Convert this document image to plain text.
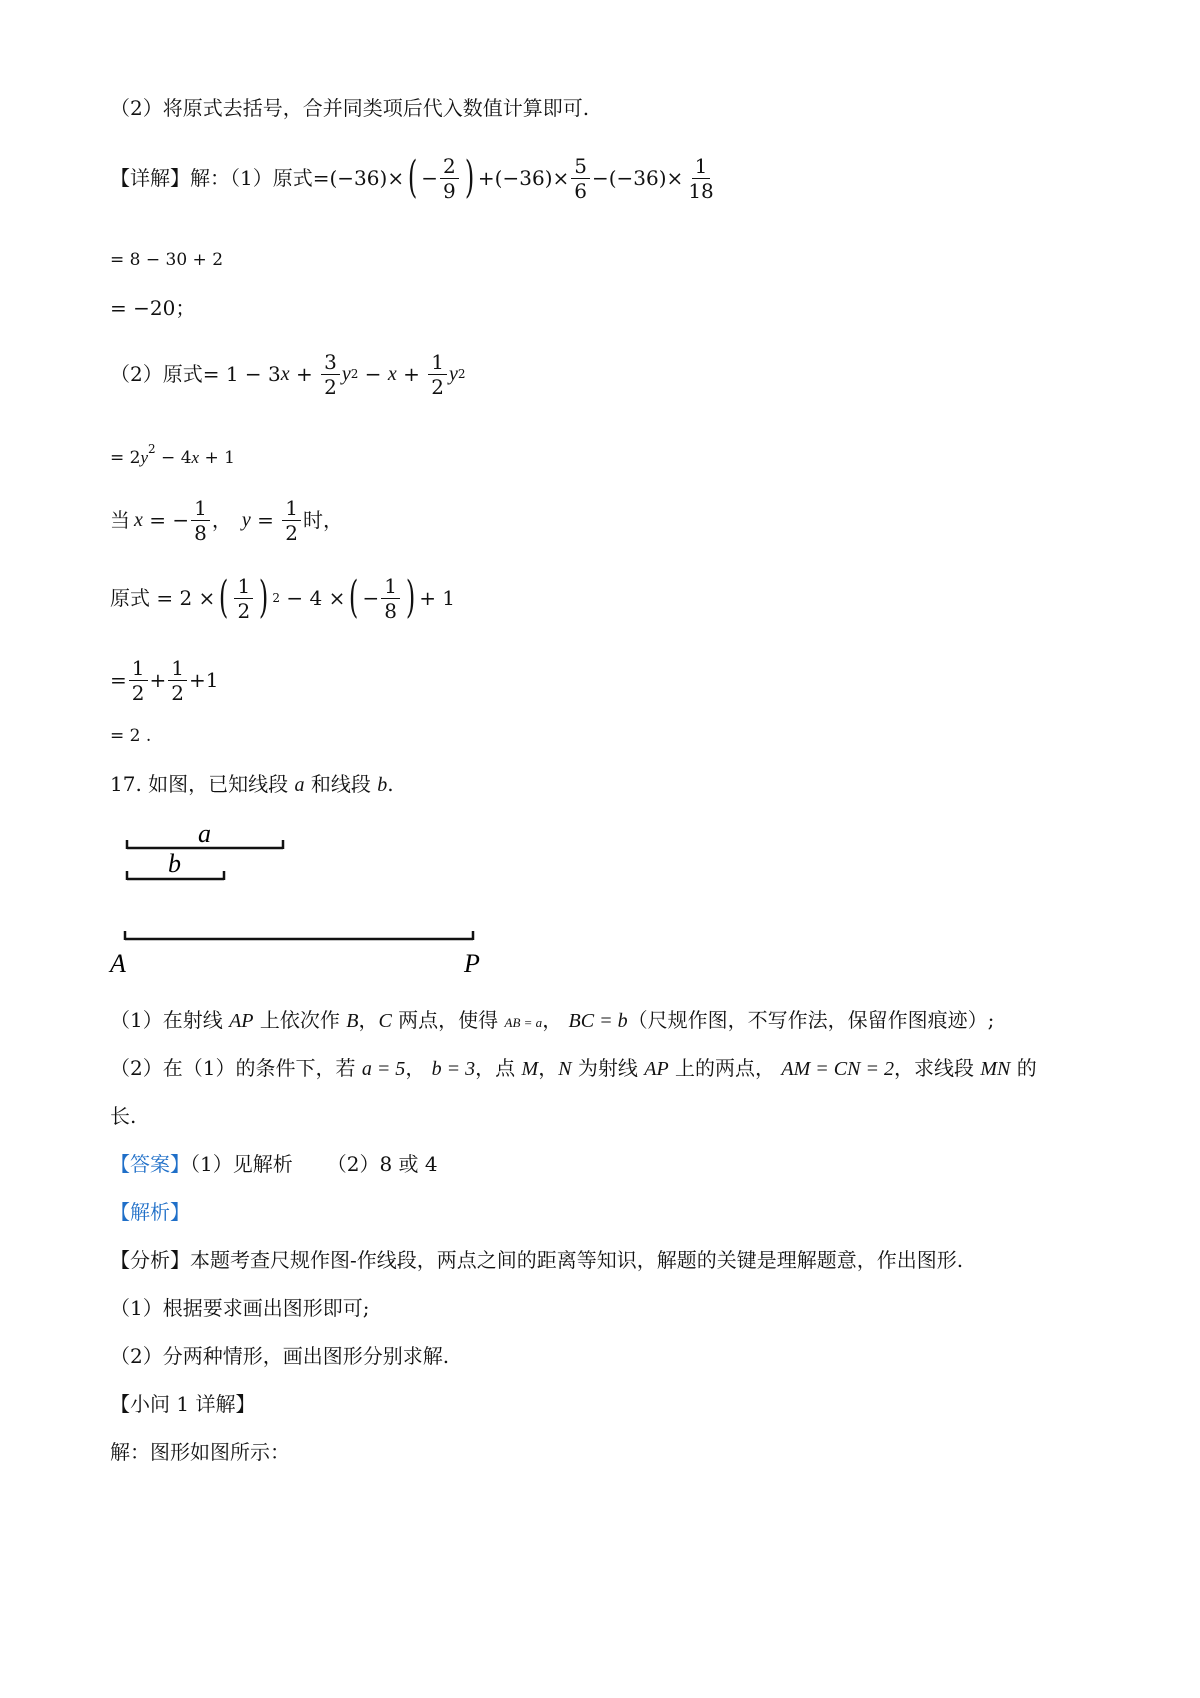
（2）将原式去括号，合并同类项后代入数值计算即可.
【详解】解：（1）原式 = (−36)× ( − $\frac{2}{9}$ ) $+(-36)\times \frac{5}{6} -(-36)\times \frac{1}{18}$
= 8 − 30 + 2
= −20；
（2）原式 = 1 − 3 $x + \frac{3}{2}$ y $2 - x + \frac{1}{2}$ y 2
= $2y^2 - 4x + 1$
当 x = − $\frac{1}{8}$ ， $y = \frac{1}{2}$ 时，
原式 = 2 × ( $\frac{1}{2}$ ) 2 − 4 × ( − $\frac{1}{8}$ ) + 1
= $\frac{1}{2} + \frac{1}{2} +1$
= 2 .
17. 如图，已知线段 a 和线段 b.
a
b
A	P
（1）在射线 AP 上依次作 B，C 两点，使得 AB = a， BC = b（尺规作图，不写作法，保留作图痕迹）;
（2）在（1）的条件下，若 a = 5， b = 3，点 M，N 为射线 AP 上的两点， AM = CN = 2，求线段 MN 的
长.
【答案】（1）见解析 （2）8 或 4
【解析】
【分析】本题考查尺规作图-作线段，两点之间的距离等知识，解题的关键是理解题意，作出图形.
（1）根据要求画出图形即可;
（2）分两种情形，画出图形分别求解.
【小问 1 详解】
解：图形如图所示：
